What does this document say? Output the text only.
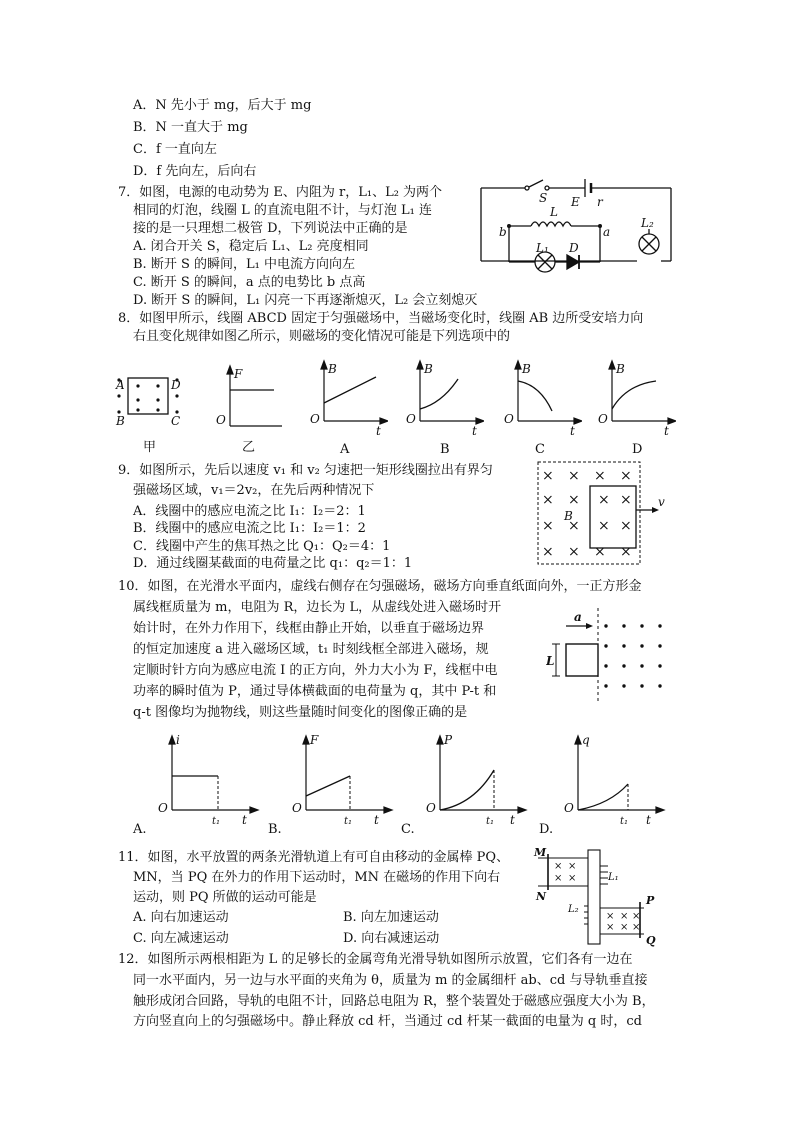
A．N 先小于 mg，后大于 mg
B．N 一直大于 mg
C．f 一直向左
D．f 先向左，后向右
7．如图，电源的电动势为 E、内阻为 r，L₁、L₂ 为两个
相同的灯泡，线圈 L 的直流电阻不计，与灯泡 L₁ 连
接的是一只理想二极管 D，下列说法中正确的是
A. 闭合开关 S，稳定后 L₁、L₂ 亮度相同
B. 断开 S 的瞬间，L₁ 中电流方向向左
C. 断开 S 的瞬间，a 点的电势比 b 点高
D. 断开 S 的瞬间，L₁ 闪亮一下再逐渐熄灭，L₂ 会立刻熄灭
S E r
L
b	a
L₁ D
L₂
8．如图甲所示，线圈 ABCD 固定于匀强磁场中，当磁场变化时，线圈 AB 边所受安培力向
右且变化规律如图乙所示，则磁场的变化情况可能是下列选项中的
A	D
B	C
甲
F
O
乙
B
O
t
A
B
O
t
B
B
O
t
C
B
O
t
D
9．如图所示，先后以速度 v₁ 和 v₂ 匀速把一矩形线圈拉出有界匀
强磁场区域，v₁＝2v₂，在先后两种情况下
A．线圈中的感应电流之比 I₁：I₂＝2：1
B．线圈中的感应电流之比 I₁：I₂＝1：2
C．线圈中产生的焦耳热之比 Q₁：Q₂＝4：1
D．通过线圈某截面的电荷量之比 q₁：q₂＝1：1
× × × ×
× × × ×
× × × ×
× × × ×
B
v
10．如图，在光滑水平面内，虚线右侧存在匀强磁场，磁场方向垂直纸面向外，一正方形金
属线框质量为 m，电阻为 R，边长为 L，从虚线处进入磁场时开
始计时，在外力作用下，线框由静止开始，以垂直于磁场边界
的恒定加速度 a 进入磁场区域，t₁ 时刻线框全部进入磁场，规
定顺时针方向为感应电流 I 的正方向，外力大小为 F，线框中电
功率的瞬时值为 P，通过导体横截面的电荷量为 q，其中 P-t 和
q-t 图像均为抛物线，则这些量随时间变化的图像正确的是
a
L
i
O
t₁ t
A.
F
O
t₁ t
B.
P
O
t₁ t
C.
q
O
t₁ t
D.
11．如图，水平放置的两条光滑轨道上有可自由移动的金属棒 PQ、
MN，当 PQ 在外力的作用下运动时，MN 在磁场的作用下向右
运动，则 PQ 所做的运动可能是
A. 向右加速运动	B. 向左加速运动
C. 向左减速运动	D. 向右减速运动
× ×
× ×
× × ×
× × ×
M
N	P
Q
L₁
L₂
12．如图所示两根相距为 L 的足够长的金属弯角光滑导轨如图所示放置，它们各有一边在
同一水平面内，另一边与水平面的夹角为 θ，质量为 m 的金属细杆 ab、cd 与导轨垂直接
触形成闭合回路，导轨的电阻不计，回路总电阻为 R，整个装置处于磁感应强度大小为 B，
方向竖直向上的匀强磁场中。静止释放 cd 杆，当通过 cd 杆某一截面的电量为 q 时，cd
